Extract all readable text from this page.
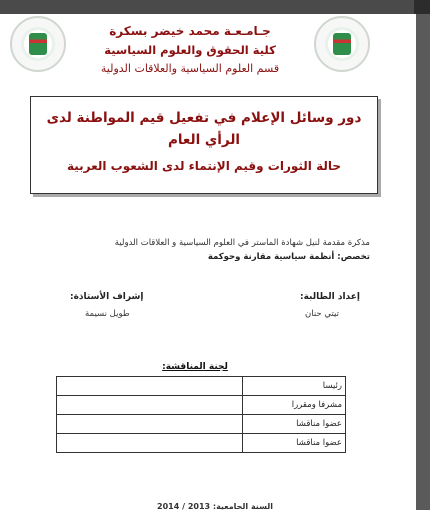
جـامـعـة محمد خيضر بسكرة
كلية الحقوق والعلوم السياسية
قسم العلوم السياسية والعلاقات الدولية
دور وسائل الإعلام في تفعيل قيم المواطنة لدى الرأي العام
حالة الثورات وقيم الإنتماء لدى الشعوب العربية
مذكرة مقدمة لنيل شهادة الماستر في العلوم السياسية و العلاقات الدولية
تخصص: أنظمة سياسية مقارنة وحوكمة
إعداد الطالبة:
إشراف الأستاذة:
تيتي حنان
طويل نسيمة
لجنة المناقشة:
	رئيسا
	مشرفا ومقررا
	عضوا مناقشا
	عضوا مناقشا
السنة الجامعية: 2013 / 2014
